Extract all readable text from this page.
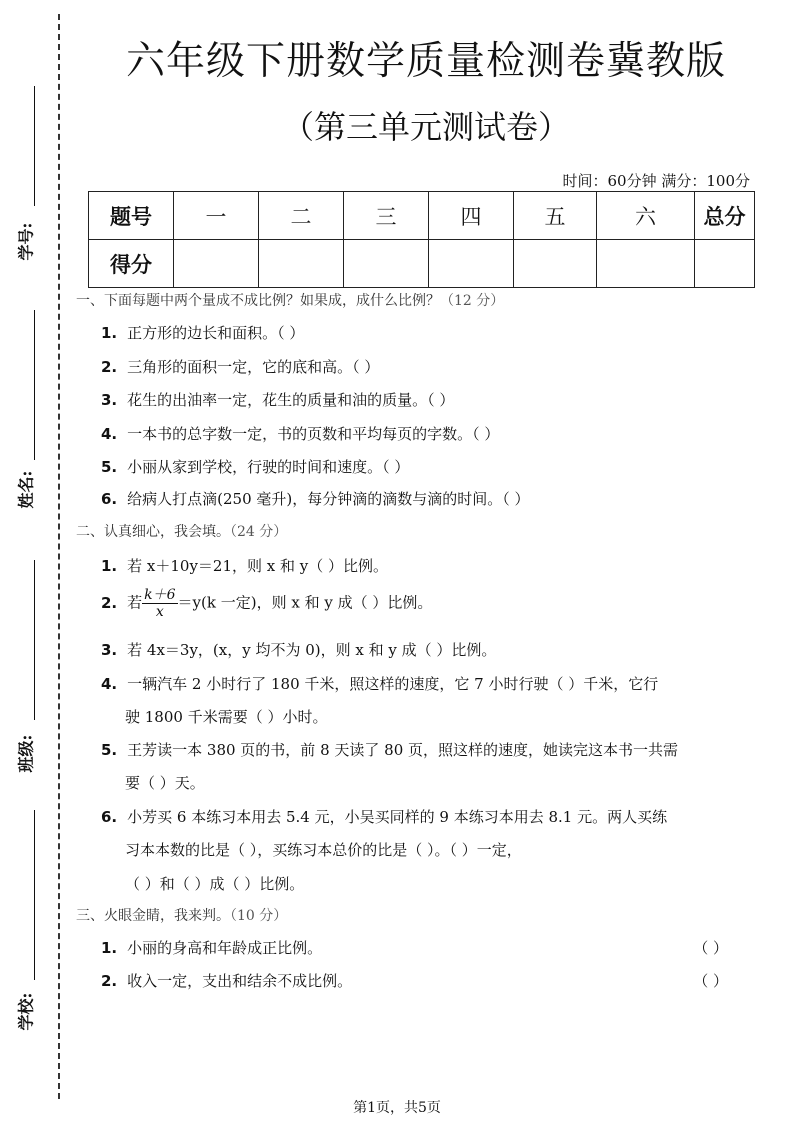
学号:
姓名:
班级:
学校:
六年级下册数学质量检测卷冀教版
（第三单元测试卷）
时间：60分钟 满分：100分
题号	一	二	三	四	五	六	总分
得分							
一、下面每题中两个量成不成比例？如果成，成什么比例？（12 分）
1. 正方形的边长和面积。（ ）
2. 三角形的面积一定，它的底和高。（ ）
3. 花生的出油率一定，花生的质量和油的质量。（ ）
4. 一本书的总字数一定，书的页数和平均每页的字数。（ ）
5. 小丽从家到学校，行驶的时间和速度。（ ）
6. 给病人打点滴(250 毫升)，每分钟滴的滴数与滴的时间。（ ）
二、认真细心，我会填。（24 分）
1. 若 x＋10y＝21，则 x 和 y（ ）比例。
2. 若 $\frac{k+6}{x} =y(k$ 一定)，则 x 和 y 成（ ）比例。
3. 若 4x＝3y，(x，y 均不为 0)，则 x 和 y 成（ ）比例。
4. 一辆汽车 2 小时行了 180 千米，照这样的速度，它 7 小时行驶（ ）千米，它行
驶 1800 千米需要（ ）小时。
5. 王芳读一本 380 页的书，前 8 天读了 80 页，照这样的速度，她读完这本书一共需
要（ ）天。
6. 小芳买 6 本练习本用去 5.4 元，小吴买同样的 9 本练习本用去 8.1 元。两人买练
习本本数的比是（ ），买练习本总价的比是（ ）。（ ）一定，
（ ）和（ ）成（ ）比例。
三、火眼金睛，我来判。（10 分）
1. 小丽的身高和年龄成正比例。	（ ）
2. 收入一定，支出和结余不成比例。	（ ）
第1页，共5页
